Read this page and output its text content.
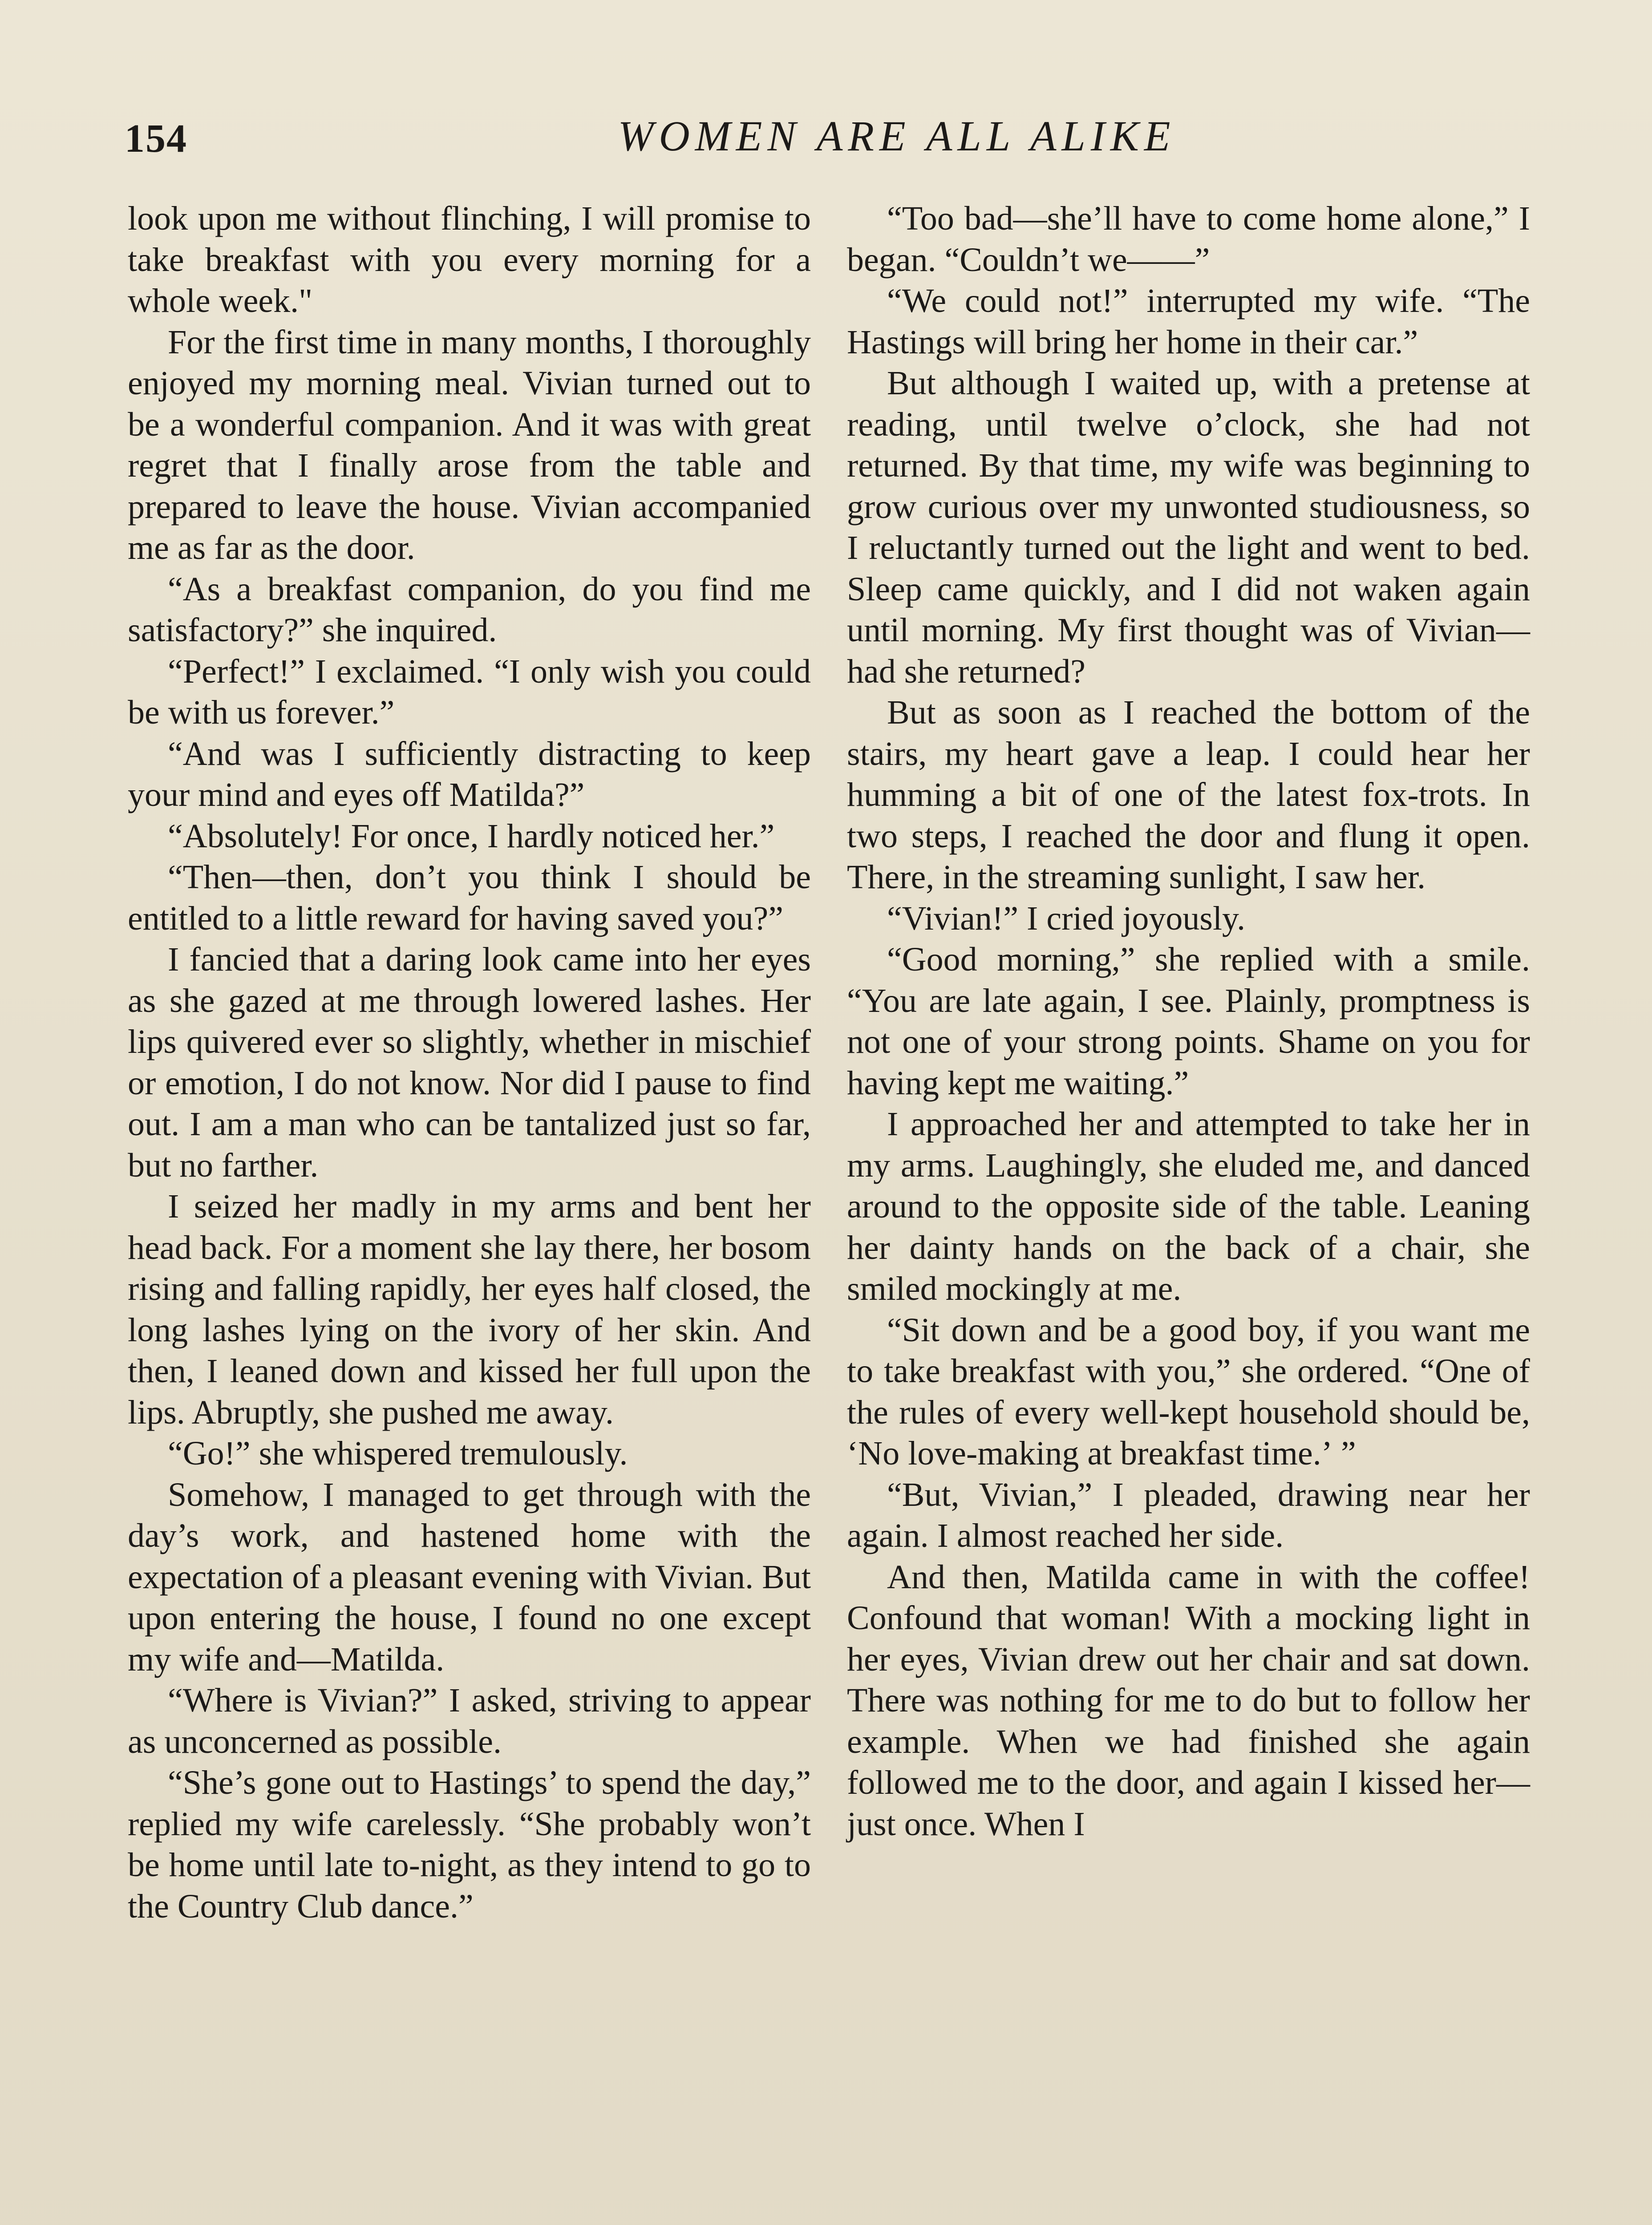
154	WOMEN ARE ALL ALIKE

look upon me without flinching, I will promise to take breakfast with you every morning for a whole week."

For the first time in many months, I thoroughly enjoyed my morning meal. Vivian turned out to be a wonderful companion. And it was with great regret that I finally arose from the table and prepared to leave the house. Vivian accompanied me as far as the door.

“As a breakfast companion, do you find me satisfactory?” she inquired.

“Perfect!” I exclaimed. “I only wish you could be with us forever.”

“And was I sufficiently distracting to keep your mind and eyes off Matilda?”

“Absolutely! For once, I hardly noticed her.”

“Then—then, don’t you think I should be entitled to a little reward for having saved you?”

I fancied that a daring look came into her eyes as she gazed at me through lowered lashes. Her lips quivered ever so slightly, whether in mischief or emotion, I do not know. Nor did I pause to find out. I am a man who can be tantalized just so far, but no farther.

I seized her madly in my arms and bent her head back. For a moment she lay there, her bosom rising and falling rapidly, her eyes half closed, the long lashes lying on the ivory of her skin. And then, I leaned down and kissed her full upon the lips. Abruptly, she pushed me away.

“Go!” she whispered tremulously.

Somehow, I managed to get through with the day’s work, and hastened home with the expectation of a pleasant evening with Vivian. But upon entering the house, I found no one except my wife and—Matilda.

“Where is Vivian?” I asked, striving to appear as unconcerned as possible.

“She’s gone out to Hastings’ to spend the day,” replied my wife carelessly. “She probably won’t be home until late to-night, as they intend to go to the Country Club dance.”

“Too bad—she’ll have to come home alone,” I began. “Couldn’t we——”

“We could not!” interrupted my wife. “The Hastings will bring her home in their car.”

But although I waited up, with a pretense at reading, until twelve o’clock, she had not returned. By that time, my wife was beginning to grow curious over my unwonted studiousness, so I reluctantly turned out the light and went to bed. Sleep came quickly, and I did not waken again until morning. My first thought was of Vivian—had she returned?

But as soon as I reached the bottom of the stairs, my heart gave a leap. I could hear her humming a bit of one of the latest fox-trots. In two steps, I reached the door and flung it open. There, in the streaming sunlight, I saw her.

“Vivian!” I cried joyously.

“Good morning,” she replied with a smile. “You are late again, I see. Plainly, promptness is not one of your strong points. Shame on you for having kept me waiting.”

I approached her and attempted to take her in my arms. Laughingly, she eluded me, and danced around to the opposite side of the table. Leaning her dainty hands on the back of a chair, she smiled mockingly at me.

“Sit down and be a good boy, if you want me to take breakfast with you,” she ordered. “One of the rules of every well-kept household should be, ‘No love-making at breakfast time.’ ”

“But, Vivian,” I pleaded, drawing near her again. I almost reached her side.

And then, Matilda came in with the coffee! Confound that woman! With a mocking light in her eyes, Vivian drew out her chair and sat down. There was nothing for me to do but to follow her example. When we had finished she again followed me to the door, and again I kissed her—just once. When I
